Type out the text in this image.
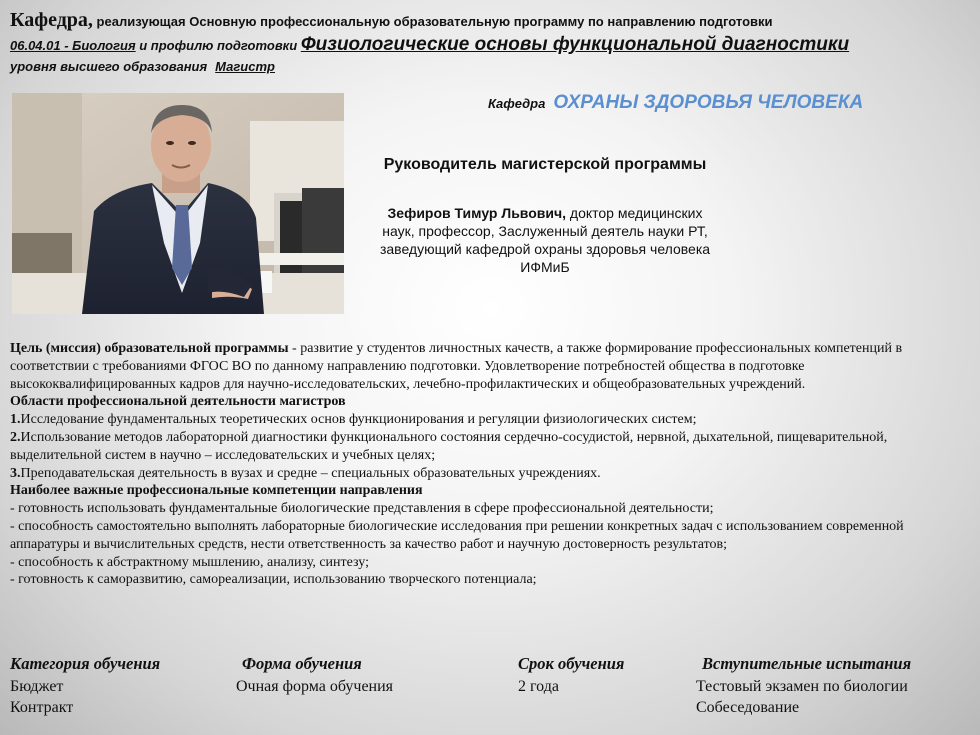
Кафедра, реализующая Основную профессиональную образовательную программу по направлению подготовки
06.04.01 - Биология и профилю подготовки Физиологические основы функциональной диагностики
уровня высшего образования Магистр
Кафедра ОХРАНЫ ЗДОРОВЬЯ ЧЕЛОВЕКА
Руководитель магистерской программы
Зефиров Тимур Львович, доктор медицинских наук, профессор, Заслуженный деятель науки РТ, заведующий кафедрой охраны здоровья человека ИФМиБ

Цель (миссия) образовательной программы - развитие у студентов личностных качеств, а также формирование профессиональных компетенций в соответствии с требованиями ФГОС ВО по данному направлению подготовки. Удовлетворение потребностей общества в подготовке высококвалифицированных кадров для научно-исследовательских, лечебно-профилактических и общеобразовательных учреждений.

Области профессиональной деятельности магистров

1.Исследование фундаментальных теоретических основ функционирования и регуляции физиологических систем;

2.Использование методов лабораторной диагностики функционального состояния сердечно-сосудистой, нервной, дыхательной, пищеварительной, выделительной систем в научно – исследовательских и учебных целях;

3.Преподавательская деятельность в вузах и средне – специальных образовательных учреждениях.

Наиболее важные профессиональные компетенции направления

- готовность использовать фундаментальные биологические представления в сфере профессиональной деятельности;

- способность самостоятельно выполнять лабораторные биологические исследования при решении конкретных задач с использованием современной аппаратуры и вычислительных средств, нести ответственность за качество работ и научную достоверность результатов;

- способность к абстрактному мышлению, анализу, синтезу;

- готовность к саморазвитию, самореализации, использованию творческого потенциала;

Категория обучения
Бюджет
Контракт
Форма обучения
Очная форма обучения
Срок обучения
2 года
Вступительные испытания
Тестовый экзамен по биологии
Собеседование
